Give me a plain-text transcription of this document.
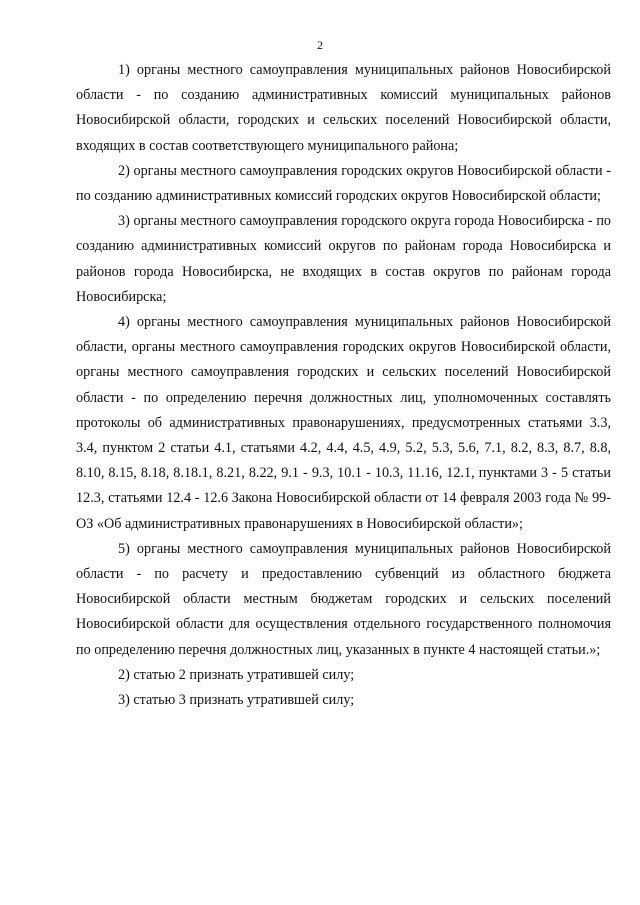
2

1) органы местного самоуправления муниципальных районов Новосибирской области - по созданию административных комиссий муниципальных районов Новосибирской области, городских и сельских поселений Новосибирской области, входящих в состав соответствующего муниципального района;

2) органы местного самоуправления городских округов Новосибирской области - по созданию административных комиссий городских округов Новосибирской области;

3) органы местного самоуправления городского округа города Новосибирска - по созданию административных комиссий округов по районам города Новосибирска и районов города Новосибирска, не входящих в состав округов по районам города Новосибирска;

4) органы местного самоуправления муниципальных районов Новосибирской области, органы местного самоуправления городских округов Новосибирской области, органы местного самоуправления городских и сельских поселений Новосибирской области - по определению перечня должностных лиц, уполномоченных составлять протоколы об административных правонарушениях, предусмотренных статьями 3.3, 3.4, пунктом 2 статьи 4.1, статьями 4.2, 4.4, 4.5, 4.9, 5.2, 5.3, 5.6, 7.1, 8.2, 8.3, 8.7, 8.8, 8.10, 8.15, 8.18, 8.18.1, 8.21, 8.22, 9.1 - 9.3, 10.1 - 10.3, 11.16, 12.1, пунктами 3 - 5 статьи 12.3, статьями 12.4 - 12.6 Закона Новосибирской области от 14 февраля 2003 года № 99-ОЗ «Об административных правонарушениях в Новосибирской области»;

5) органы местного самоуправления муниципальных районов Новосибирской области - по расчету и предоставлению субвенций из областного бюджета Новосибирской области местным бюджетам городских и сельских поселений Новосибирской области для осуществления отдельного государственного полномочия по определению перечня должностных лиц, указанных в пункте 4 настоящей статьи.»;

2) статью 2 признать утратившей силу;

3) статью 3 признать утратившей силу;
